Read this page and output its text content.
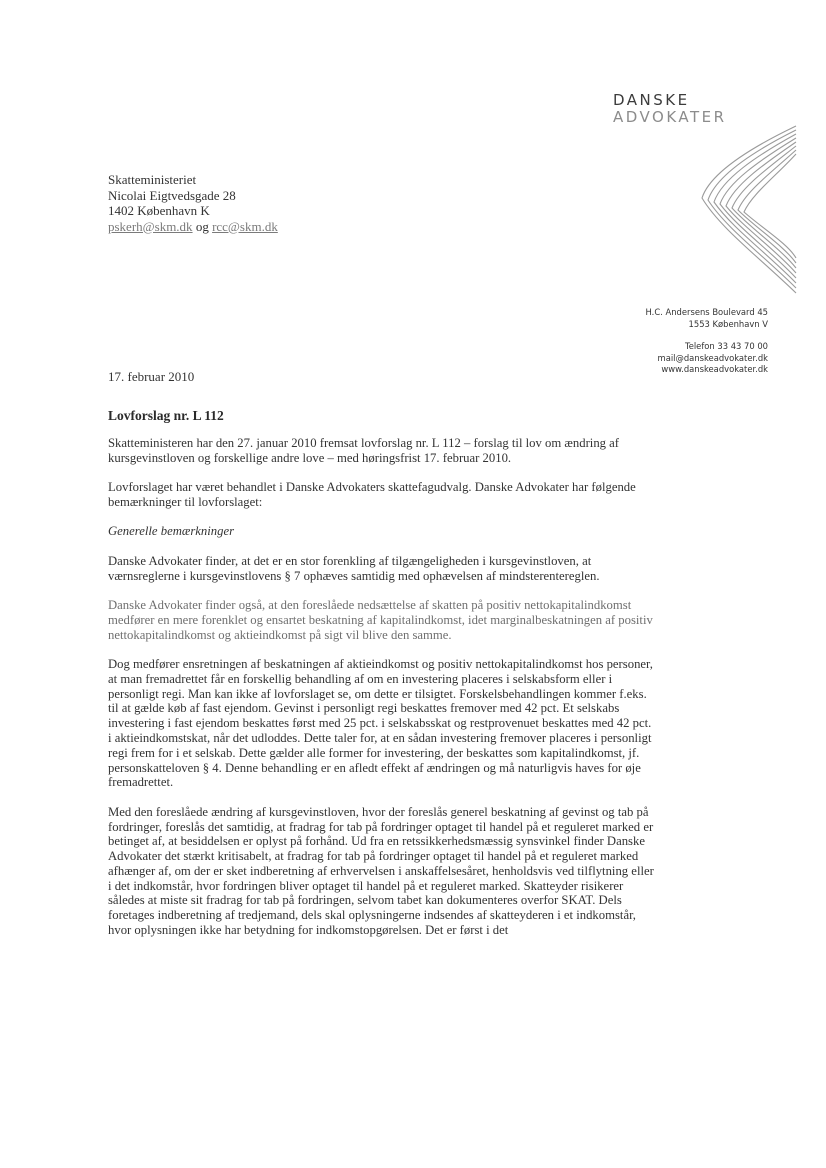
DANSKE
ADVOKATER
Skatteministeriet
Nicolai Eigtvedsgade 28
1402 København K
pskerh@skm.dk og rcc@skm.dk
H.C. Andersens Boulevard 45
1553 København V
Telefon 33 43 70 00
mail@danskeadvokater.dk
www.danskeadvokater.dk
17. februar 2010
Lovforslag nr. L 112

Skatteministeren har den 27. januar 2010 fremsat lovforslag nr. L 112 – forslag til lov om ændring af kursgevinstloven og forskellige andre love – med høringsfrist 17. februar 2010.

Lovforslaget har været behandlet i Danske Advokaters skattefagudvalg. Danske Advokater har følgende bemærkninger til lovforslaget:

Generelle bemærkninger

Danske Advokater finder, at det er en stor forenkling af tilgængeligheden i kursgevinstloven, at værnsreglerne i kursgevinstlovens § 7 ophæves samtidig med ophævelsen af mindsterentereglen.

Danske Advokater finder også, at den foreslåede nedsættelse af skatten på positiv nettokapitalindkomst medfører en mere forenklet og ensartet beskatning af kapitalindkomst, idet marginalbeskatningen af positiv nettokapitalindkomst og aktieindkomst på sigt vil blive den samme.

Dog medfører ensretningen af beskatningen af aktieindkomst og positiv nettokapitalindkomst hos personer, at man fremadrettet får en forskellig behandling af om en investering placeres i selskabsform eller i personligt regi. Man kan ikke af lovforslaget se, om dette er tilsigtet. Forskelsbehandlingen kommer f.eks. til at gælde køb af fast ejendom. Gevinst i personligt regi beskattes fremover med 42 pct. Et selskabs investering i fast ejendom beskattes først med 25 pct. i selskabsskat og restprovenuet beskattes med 42 pct. i aktieindkomstskat, når det udloddes. Dette taler for, at en sådan investering fremover placeres i personligt regi frem for i et selskab. Dette gælder alle former for investering, der beskattes som kapitalindkomst, jf. personskatteloven § 4. Denne behandling er en afledt effekt af ændringen og må naturligvis haves for øje fremadrettet.

Med den foreslåede ændring af kursgevinstloven, hvor der foreslås generel beskatning af gevinst og tab på fordringer, foreslås det samtidig, at fradrag for tab på fordringer optaget til handel på et reguleret marked er betinget af, at besiddelsen er oplyst på forhånd. Ud fra en retssikkerhedsmæssig synsvinkel finder Danske Advokater det stærkt kritisabelt, at fradrag for tab på fordringer optaget til handel på et reguleret marked afhænger af, om der er sket indberetning af erhvervelsen i anskaffelsesåret, henholdsvis ved tilflytning eller i det indkomstår, hvor fordringen bliver optaget til handel på et reguleret marked. Skatteyder risikerer således at miste sit fradrag for tab på fordringen, selvom tabet kan dokumenteres overfor SKAT. Dels foretages indberetning af tredjemand, dels skal oplysningerne indsendes af skatteyderen i et indkomstår, hvor oplysningen ikke har betydning for indkomstopgørelsen. Det er først i det
